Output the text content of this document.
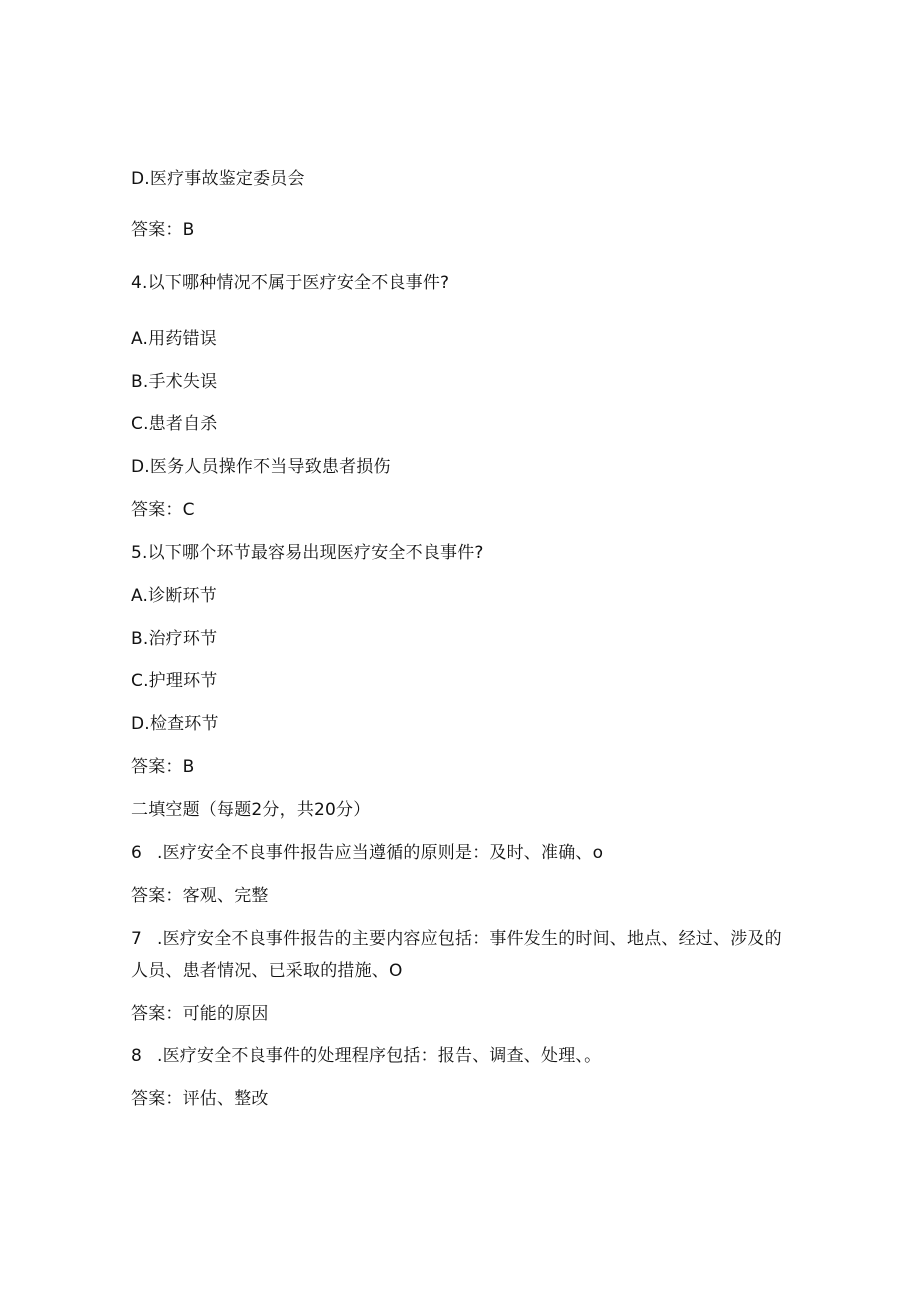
D.医疗事故鉴定委员会
答案：B
4.以下哪种情况不属于医疗安全不良事件?
A.用药错误
B.手术失误
C.患者自杀
D.医务人员操作不当导致患者损伤
答案：C
5.以下哪个环节最容易出现医疗安全不良事件?
A.诊断环节
B.治疗环节
C.护理环节
D.检查环节
答案：B
二填空题（每题2分，共20分）
6 .医疗安全不良事件报告应当遵循的原则是：及时、准确、o
答案：客观、完整
7 .医疗安全不良事件报告的主要内容应包括：事件发生的时间、地点、经过、涉及的
人员、患者情况、已采取的措施、O
答案：可能的原因
8 .医疗安全不良事件的处理程序包括：报告、调查、处理、。
答案：评估、整改
